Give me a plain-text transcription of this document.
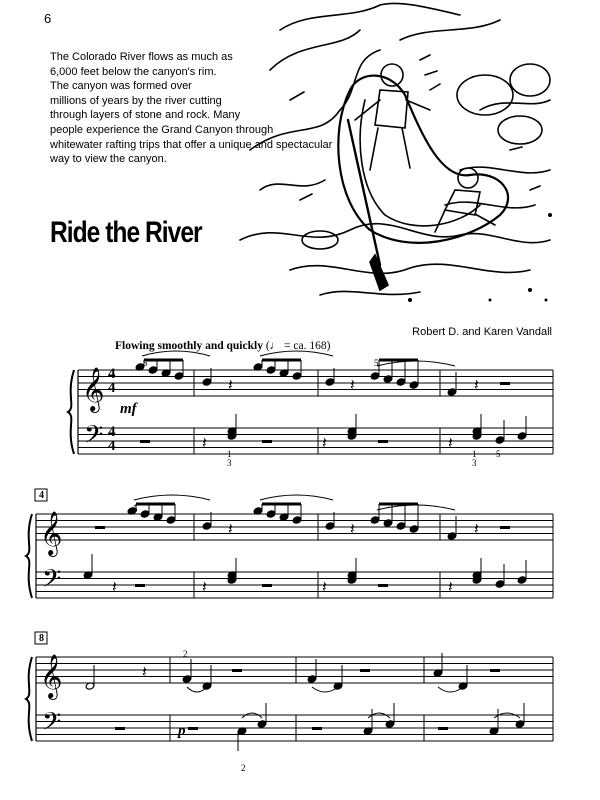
6
The Colorado River flows as much as
6,000 feet below the canyon's rim.
The canyon was formed over
millions of years by the river cutting
through layers of stone and rock. Many
people experience the Grand Canyon through
whitewater rafting trips that offer a unique and spectacular
way to view the canyon.
Ride the River
Robert D. and Karen Vandall
Flowing smoothly and quickly (♩ = ca. 168)
𝄞
𝄢
𝄞
𝄢
𝄞
𝄢
𝄽	𝄽	𝄽
𝄽	𝄽	𝄽
𝄽	𝄽	𝄽
𝄽	𝄽	𝄽	𝄽
𝄽
4
4
4
4
mf
p
5	5
1
3
1
3
5
5
2
2
4
8
